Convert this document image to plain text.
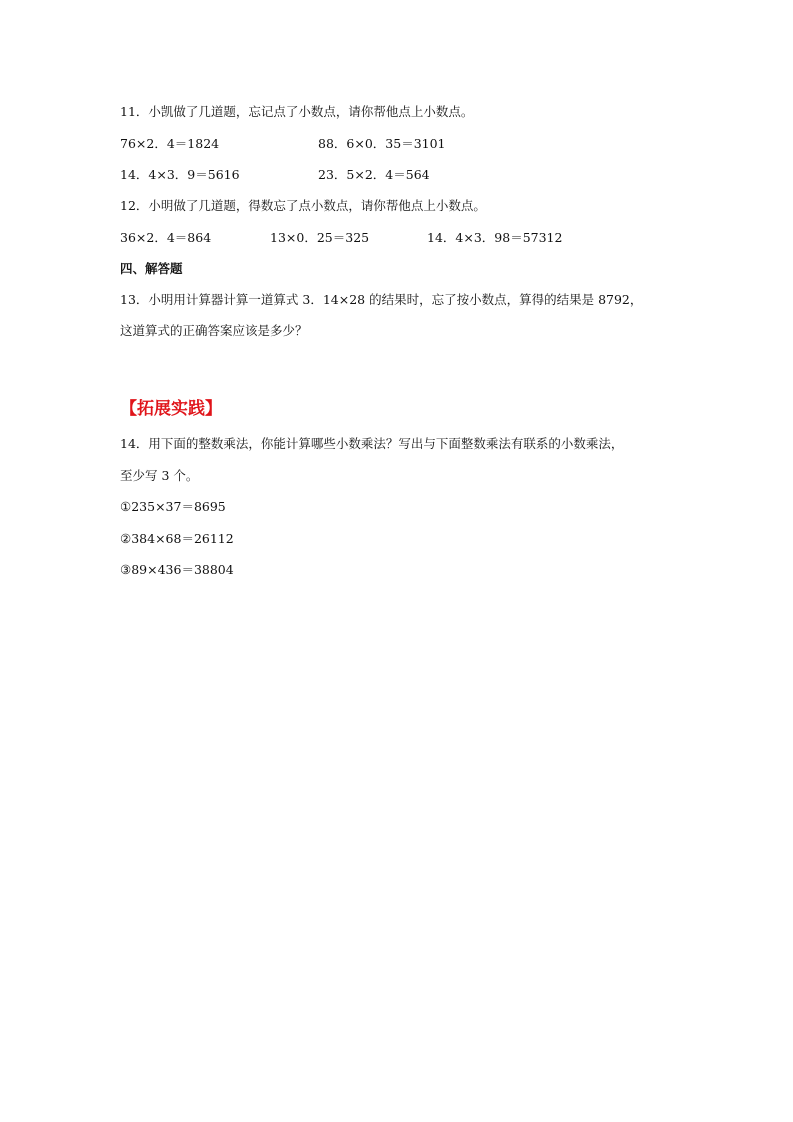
11．小凯做了几道题，忘记点了小数点，请你帮他点上小数点。
76×2．4＝1824	88．6×0．35＝3101
14．4×3．9＝5616	23．5×2．4＝564
12．小明做了几道题，得数忘了点小数点，请你帮他点上小数点。
36×2．4＝864	13×0．25＝325	14．4×3．98＝57312
四、解答题
13．小明用计算器计算一道算式 3．14×28 的结果时，忘了按小数点，算得的结果是 8792，
这道算式的正确答案应该是多少？
【拓展实践】
14．用下面的整数乘法，你能计算哪些小数乘法？写出与下面整数乘法有联系的小数乘法，
至少写 3 个。
①235×37＝8695
②384×68＝26112
③89×436＝38804
